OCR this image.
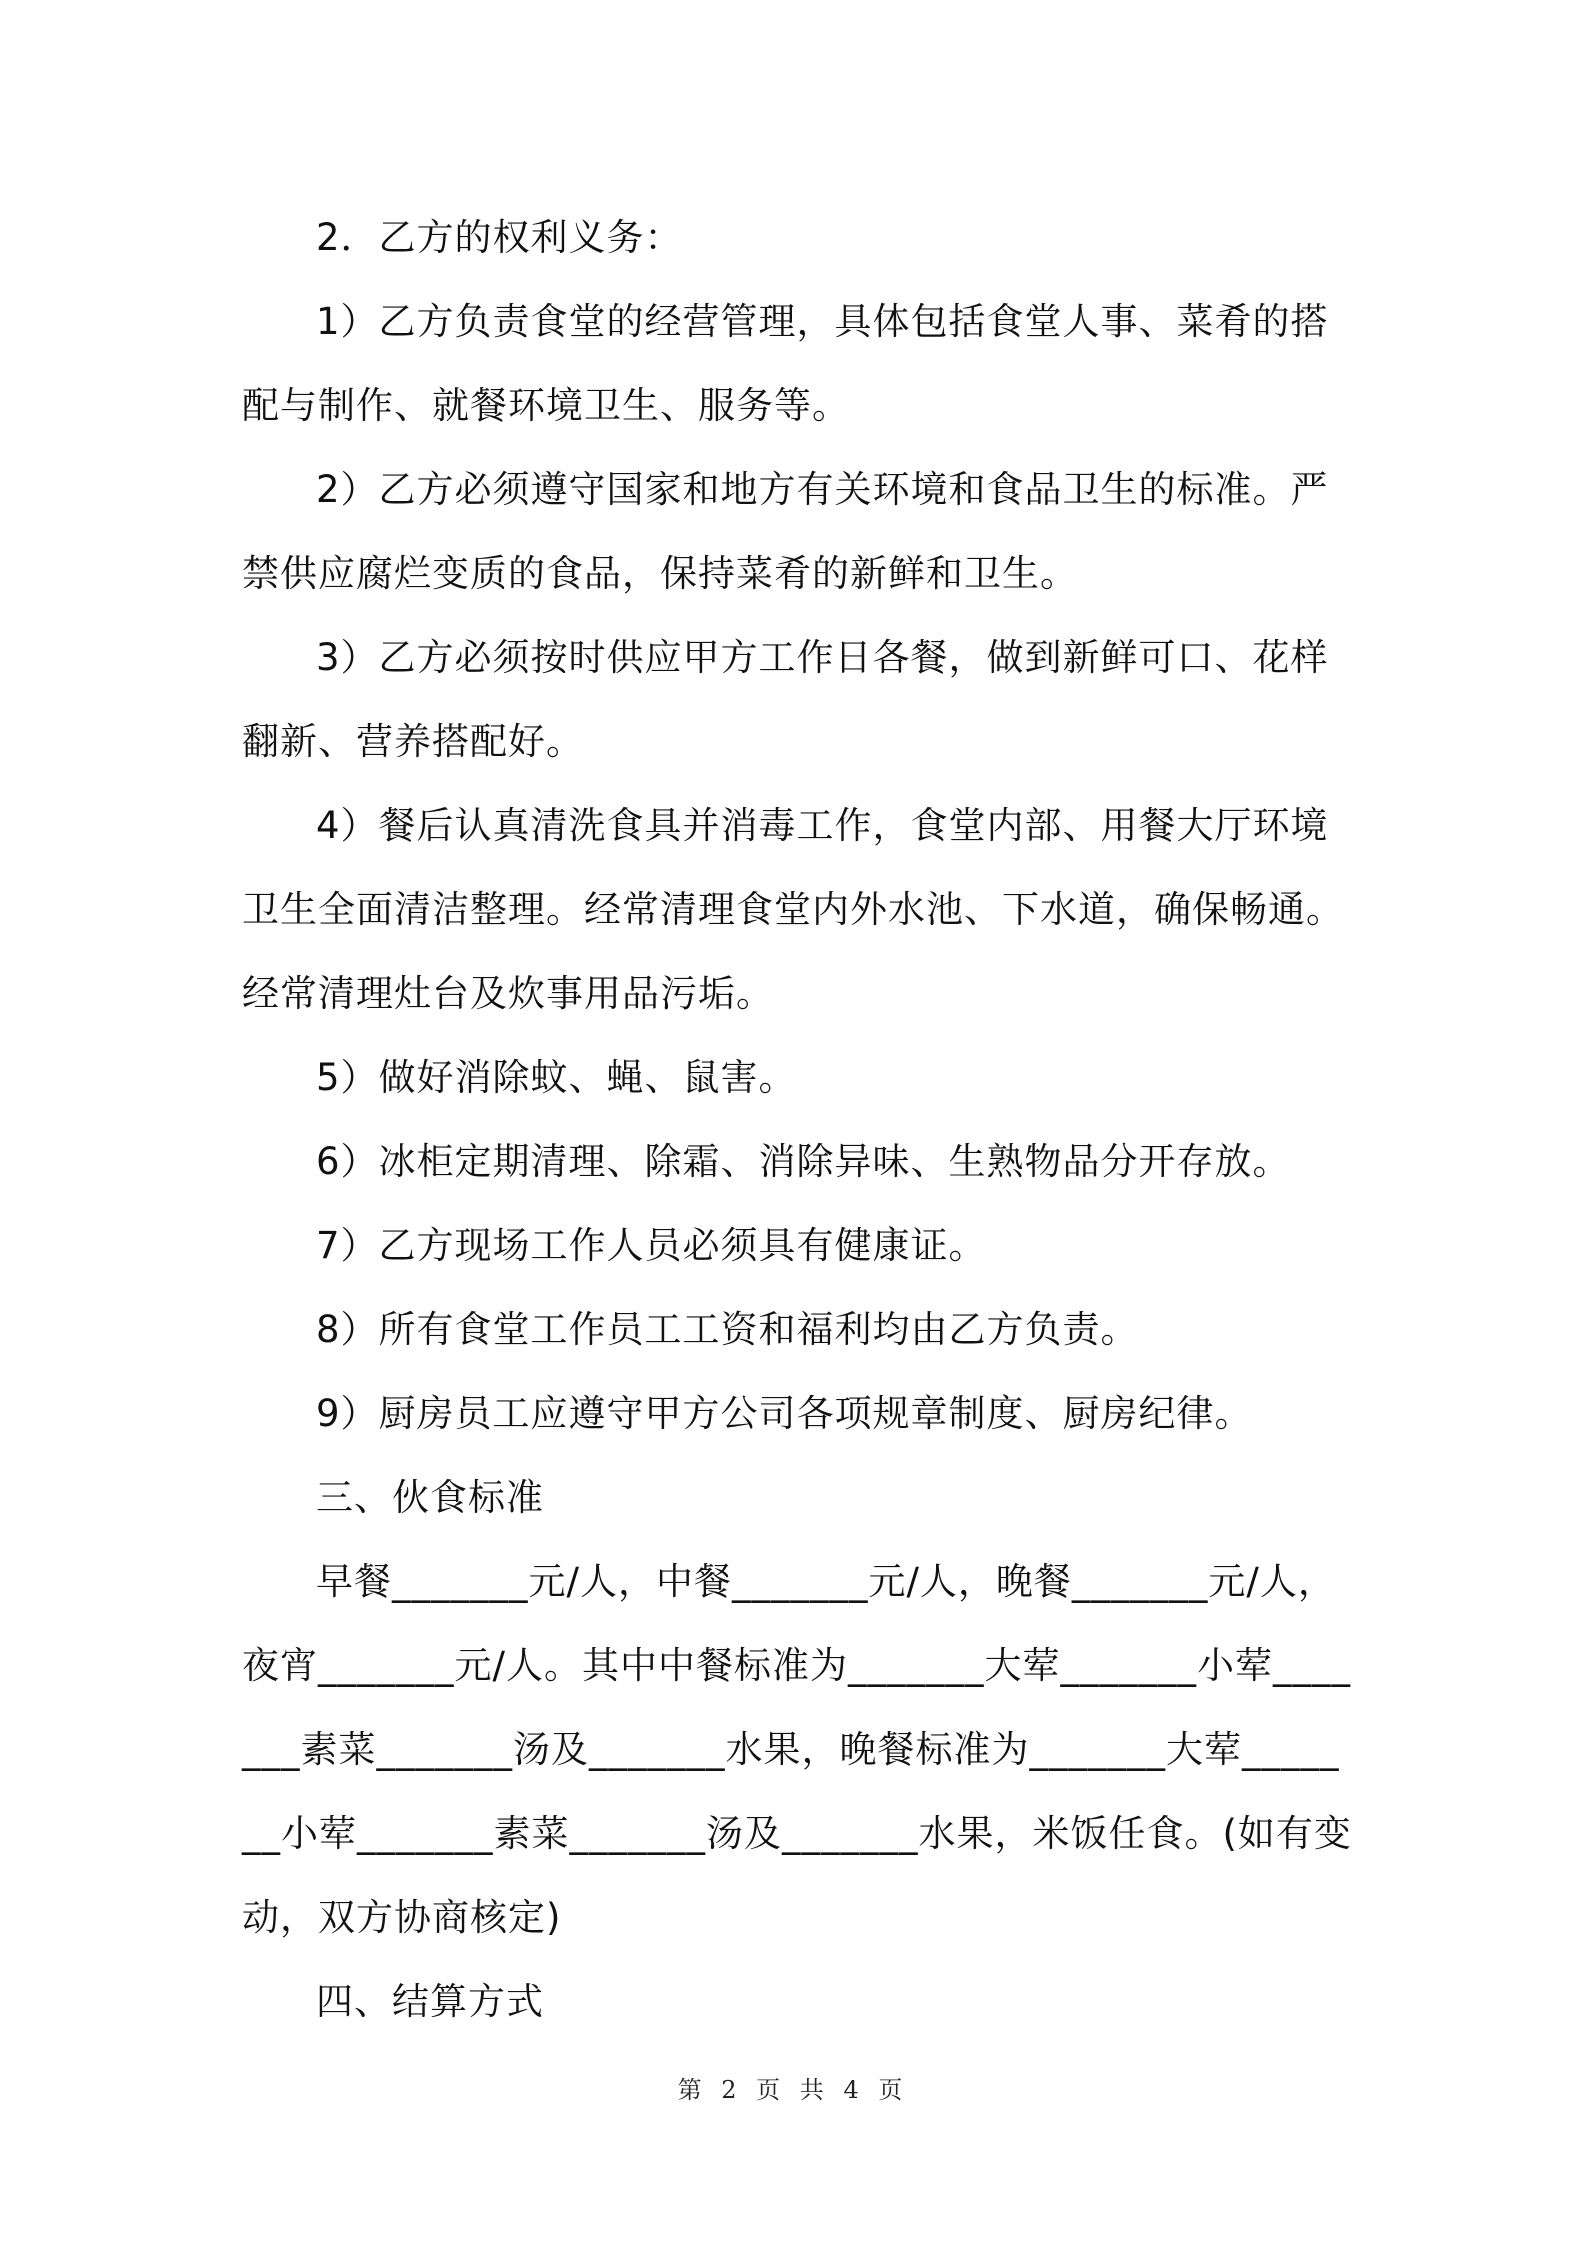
2．乙方的权利义务：

1）乙方负责食堂的经营管理，具体包括食堂人事、菜肴的搭配与制作、就餐环境卫生、服务等。

2）乙方必须遵守国家和地方有关环境和食品卫生的标准。严禁供应腐烂变质的食品，保持菜肴的新鲜和卫生。

3）乙方必须按时供应甲方工作日各餐，做到新鲜可口、花样翻新、营养搭配好。

4）餐后认真清洗食具并消毒工作，食堂内部、用餐大厅环境卫生全面清洁整理。经常清理食堂内外水池、下水道，确保畅通。经常清理灶台及炊事用品污垢。

5）做好消除蚊、蝇、鼠害。

6）冰柜定期清理、除霜、消除异味、生熟物品分开存放。

7）乙方现场工作人员必须具有健康证。

8）所有食堂工作员工工资和福利均由乙方负责。

9）厨房员工应遵守甲方公司各项规章制度、厨房纪律。

三、伙食标准

早餐_______元/人，中餐_______元/人，晚餐_______元/人，夜宵_______元/人。其中中餐标准为_______大荤_______小荤_______素菜_______汤及_______水果，晚餐标准为_______大荤_______小荤_______素菜_______汤及_______水果，米饭任食。(如有变动，双方协商核定)

四、结算方式

第 2 页 共 4 页
